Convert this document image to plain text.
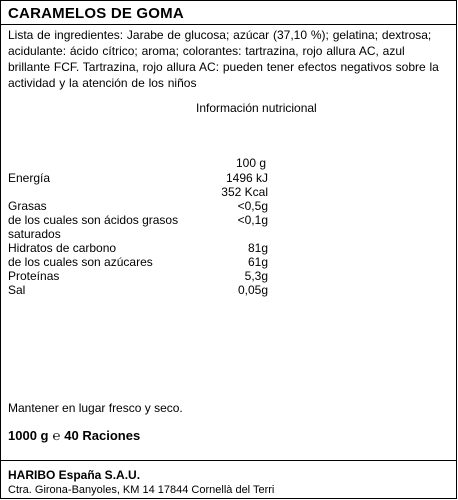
CARAMELOS DE GOMA
Lista de ingredientes: Jarabe de glucosa; azúcar (37,10 %); gelatina; dextrosa; acidulante: ácido cítrico; aroma; colorantes: tartrazina, rojo allura AC, azul brillante FCF. Tartrazina, rojo allura AC: pueden tener efectos negativos sobre la actividad y la atención de los niños
Información nutricional
100 g
Energía	1496 kJ
352 Kcal
Grasas	<0,5g
de los cuales son ácidos grasos	<0,1g
saturados
Hidratos de carbono	81g
de los cuales son azúcares	61g
Proteínas	5,3g
Sal	0,05g
Mantener en lugar fresco y seco.
1000 g ℮ 40 Raciones
HARIBO España S.A.U.
Ctra. Girona-Banyoles, KM 14 17844 Cornellà del Terri
